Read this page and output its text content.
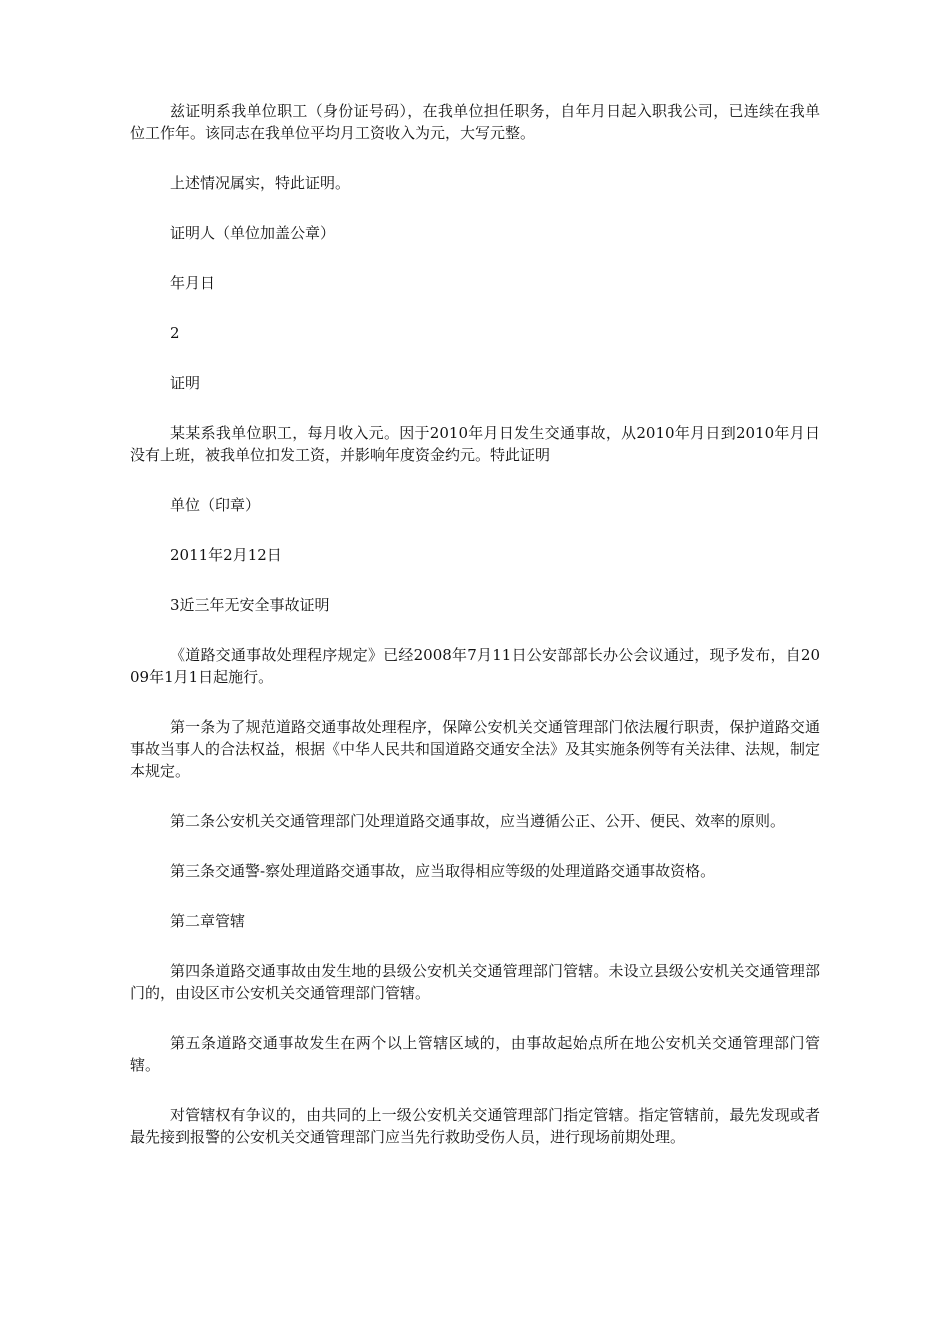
兹证明系我单位职工（身份证号码），在我单位担任职务，自年月日起入职我公司，已连续在我单位工作年。该同志在我单位平均月工资收入为元，大写元整。

上述情况属实，特此证明。

证明人（单位加盖公章）

年月日

2

证明

某某系我单位职工，每月收入元。因于2010年月日发生交通事故，从2010年月日到2010年月日没有上班，被我单位扣发工资，并影响年度资金约元。特此证明

单位（印章）

2011年2月12日

3近三年无安全事故证明

《道路交通事故处理程序规定》已经2008年7月11日公安部部长办公会议通过，现予发布，自2009年1月1日起施行。

第一条为了规范道路交通事故处理程序，保障公安机关交通管理部门依法履行职责，保护道路交通事故当事人的合法权益，根据《中华人民共和国道路交通安全法》及其实施条例等有关法律、法规，制定本规定。

第二条公安机关交通管理部门处理道路交通事故，应当遵循公正、公开、便民、效率的原则。

第三条交通警-察处理道路交通事故，应当取得相应等级的处理道路交通事故资格。

第二章管辖

第四条道路交通事故由发生地的县级公安机关交通管理部门管辖。未设立县级公安机关交通管理部门的，由设区市公安机关交通管理部门管辖。

第五条道路交通事故发生在两个以上管辖区域的，由事故起始点所在地公安机关交通管理部门管辖。

对管辖权有争议的，由共同的上一级公安机关交通管理部门指定管辖。指定管辖前，最先发现或者最先接到报警的公安机关交通管理部门应当先行救助受伤人员，进行现场前期处理。
